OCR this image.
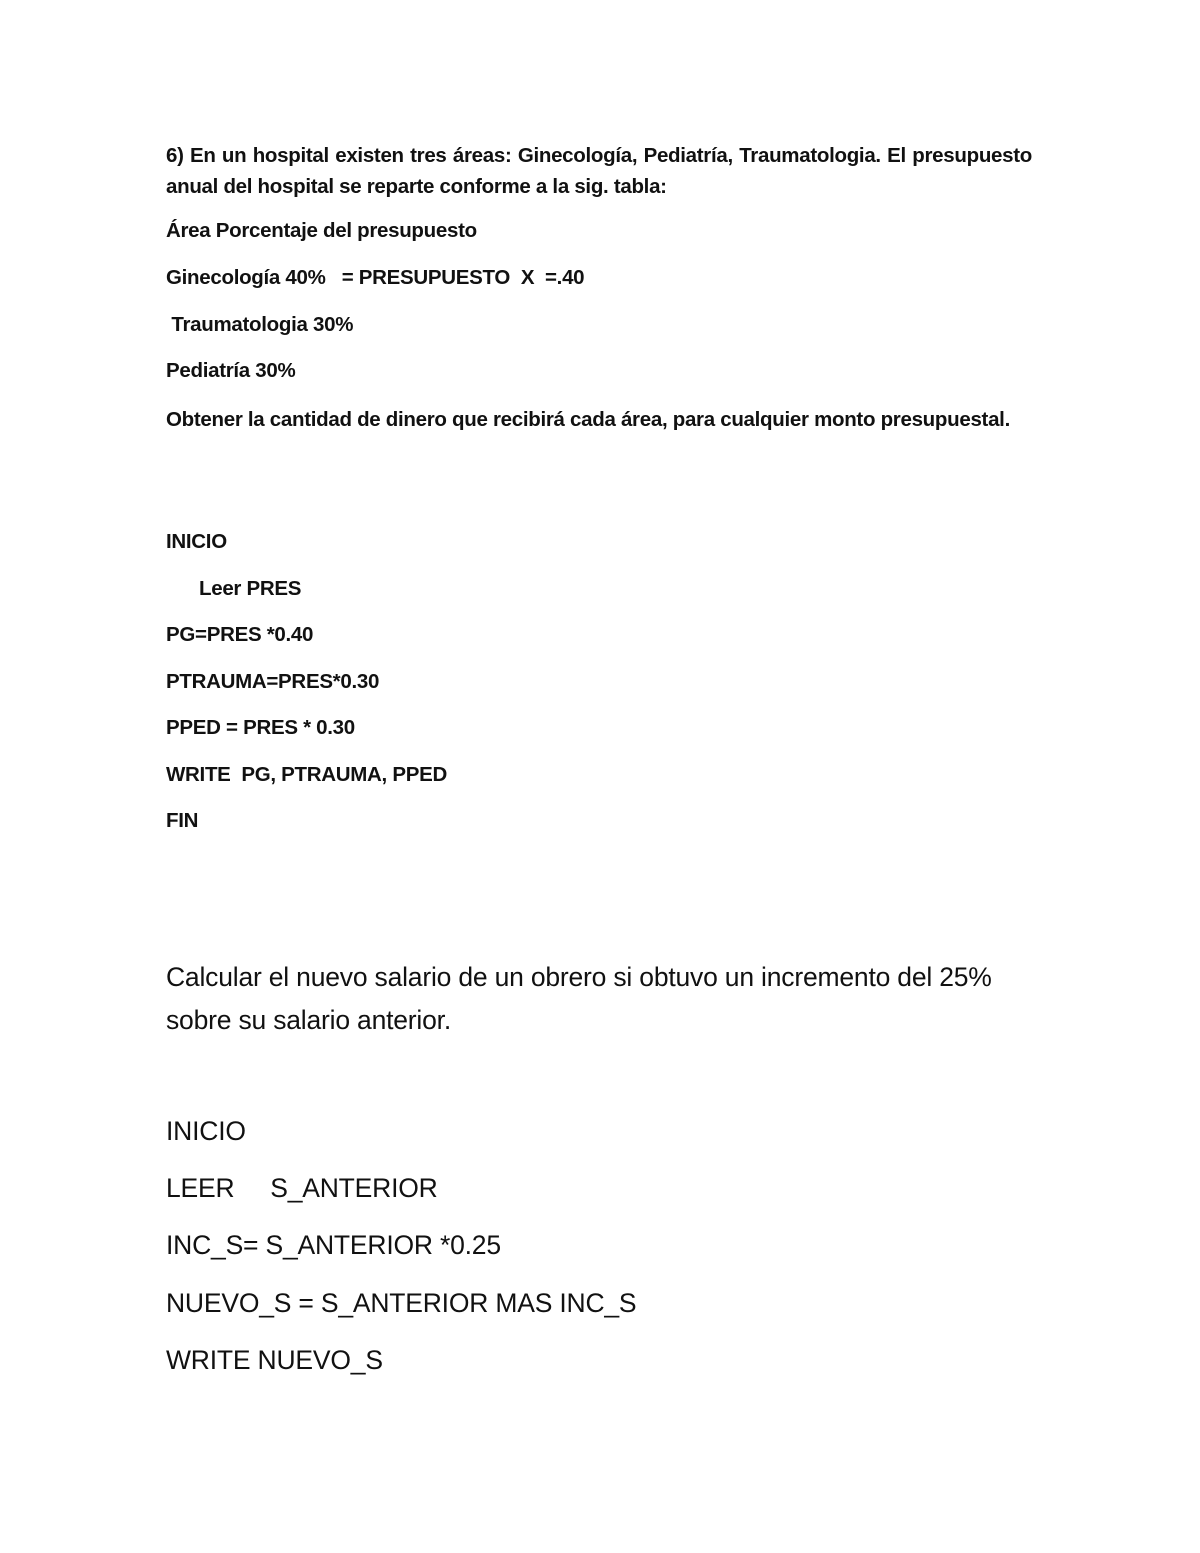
6) En un hospital existen tres áreas: Ginecología, Pediatría, Traumatologia. El presupuesto anual del hospital se reparte conforme a la sig. tabla:
Área Porcentaje del presupuesto
Ginecología 40%   = PRESUPUESTO  X  =.40
Traumatologia 30%
Pediatría 30%
Obtener la cantidad de dinero que recibirá cada área, para cualquier monto presupuestal.
INICIO
Leer PRES
PG=PRES *0.40
PTRAUMA=PRES*0.30
PPED = PRES * 0.30
WRITE  PG, PTRAUMA, PPED
FIN
Calcular el nuevo salario de un obrero si obtuvo un incremento del 25% sobre su salario anterior.
INICIO
LEER     S_ANTERIOR
INC_S= S_ANTERIOR *0.25
NUEVO_S = S_ANTERIOR MAS INC_S
WRITE NUEVO_S
